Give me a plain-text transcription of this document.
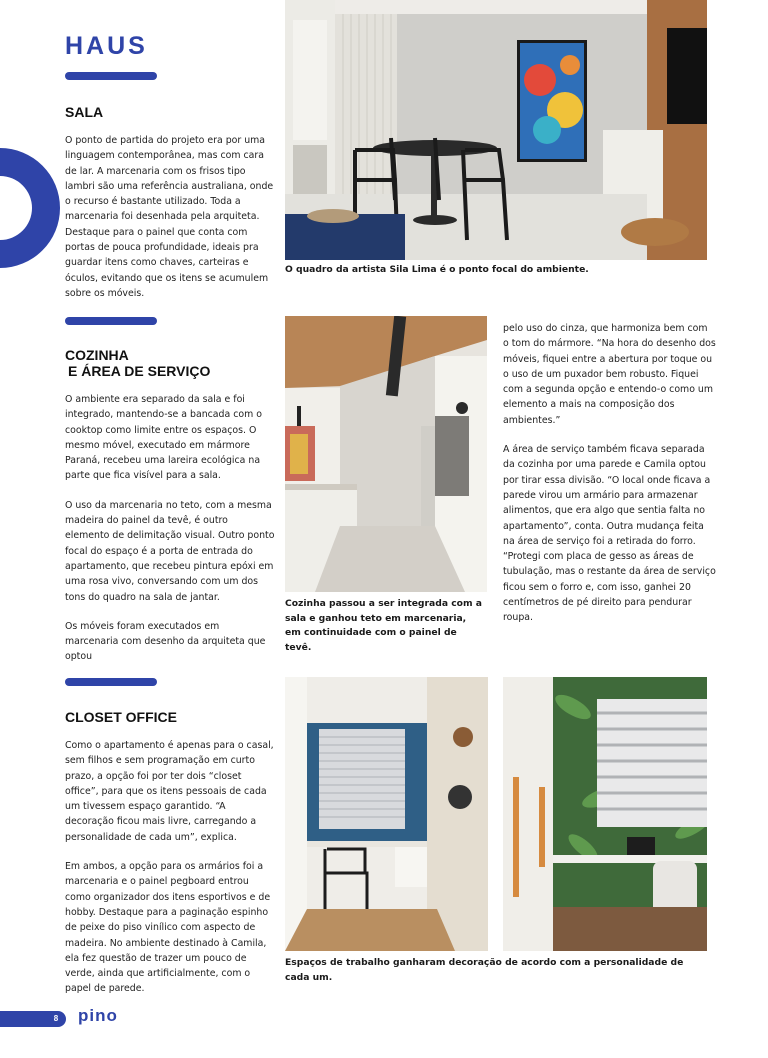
HAUS
SALA

O ponto de partida do projeto era por uma linguagem contemporânea, mas com cara de lar. A marcenaria com os frisos tipo lambri são uma referência australiana, onde o recurso é bastante utilizado. Toda a marcenaria foi desenhada pela arquiteta. Destaque para o painel que conta com portas de pouca profundidade, ideais pra guardar itens como chaves, carteiras e óculos, evitando que os itens se acumulem sobre os móveis.

O quadro da artista Sila Lima é o ponto focal do ambiente.
COZINHA
E ÁREA DE SERVIÇO

O ambiente era separado da sala e foi integrado, mantendo-se a bancada com o cooktop como limite entre os espaços. O mesmo móvel, executado em mármore Paraná, recebeu uma lareira ecológica na parte que fica visível para a sala.

O uso da marcenaria no teto, com a mesma madeira do painel da tevê, é outro elemento de delimitação visual. Outro ponto focal do espaço é a porta de entrada do apartamento, que recebeu pintura epóxi em uma rosa vivo, conversando com um dos tons do quadro na sala de jantar.

Os móveis foram executados em marcenaria com desenho da arquiteta que optou

Cozinha passou a ser integrada com a sala e ganhou teto em marcenaria, em continuidade com o painel de tevê.

pelo uso do cinza, que harmoniza bem com o tom do mármore. “Na hora do desenho dos móveis, fiquei entre a abertura por toque ou o uso de um puxador bem robusto. Fiquei com a segunda opção e entendo-o como um elemento a mais na composição dos ambientes.”

A área de serviço também ficava separada da cozinha por uma parede e Camila optou por tirar essa divisão. “O local onde ficava a parede virou um armário para armazenar alimentos, que era algo que sentia falta no apartamento”, conta. Outra mudança feita na área de serviço foi a retirada do forro. “Protegi com placa de gesso as áreas de tubulação, mas o restante da área de serviço ficou sem o forro e, com isso, ganhei 20 centímetros de pé direito para pendurar roupa.

CLOSET OFFICE

Como o apartamento é apenas para o casal, sem filhos e sem programação em curto prazo, a opção foi por ter dois “closet office”, para que os itens pessoais de cada um tivessem espaço garantido. “A decoração ficou mais livre, carregando a personalidade de cada um”, explica.

Em ambos, a opção para os armários foi a marcenaria e o painel pegboard entrou como organizador dos itens esportivos e de hobby. Destaque para a paginação espinho de peixe do piso vinílico com aspecto de madeira. No ambiente destinado à Camila, ela fez questão de trazer um pouco de verde, ainda que artificialmente, com o papel de parede.

Espaços de trabalho ganharam decoração de acordo com a personalidade de cada um.
8 pino
